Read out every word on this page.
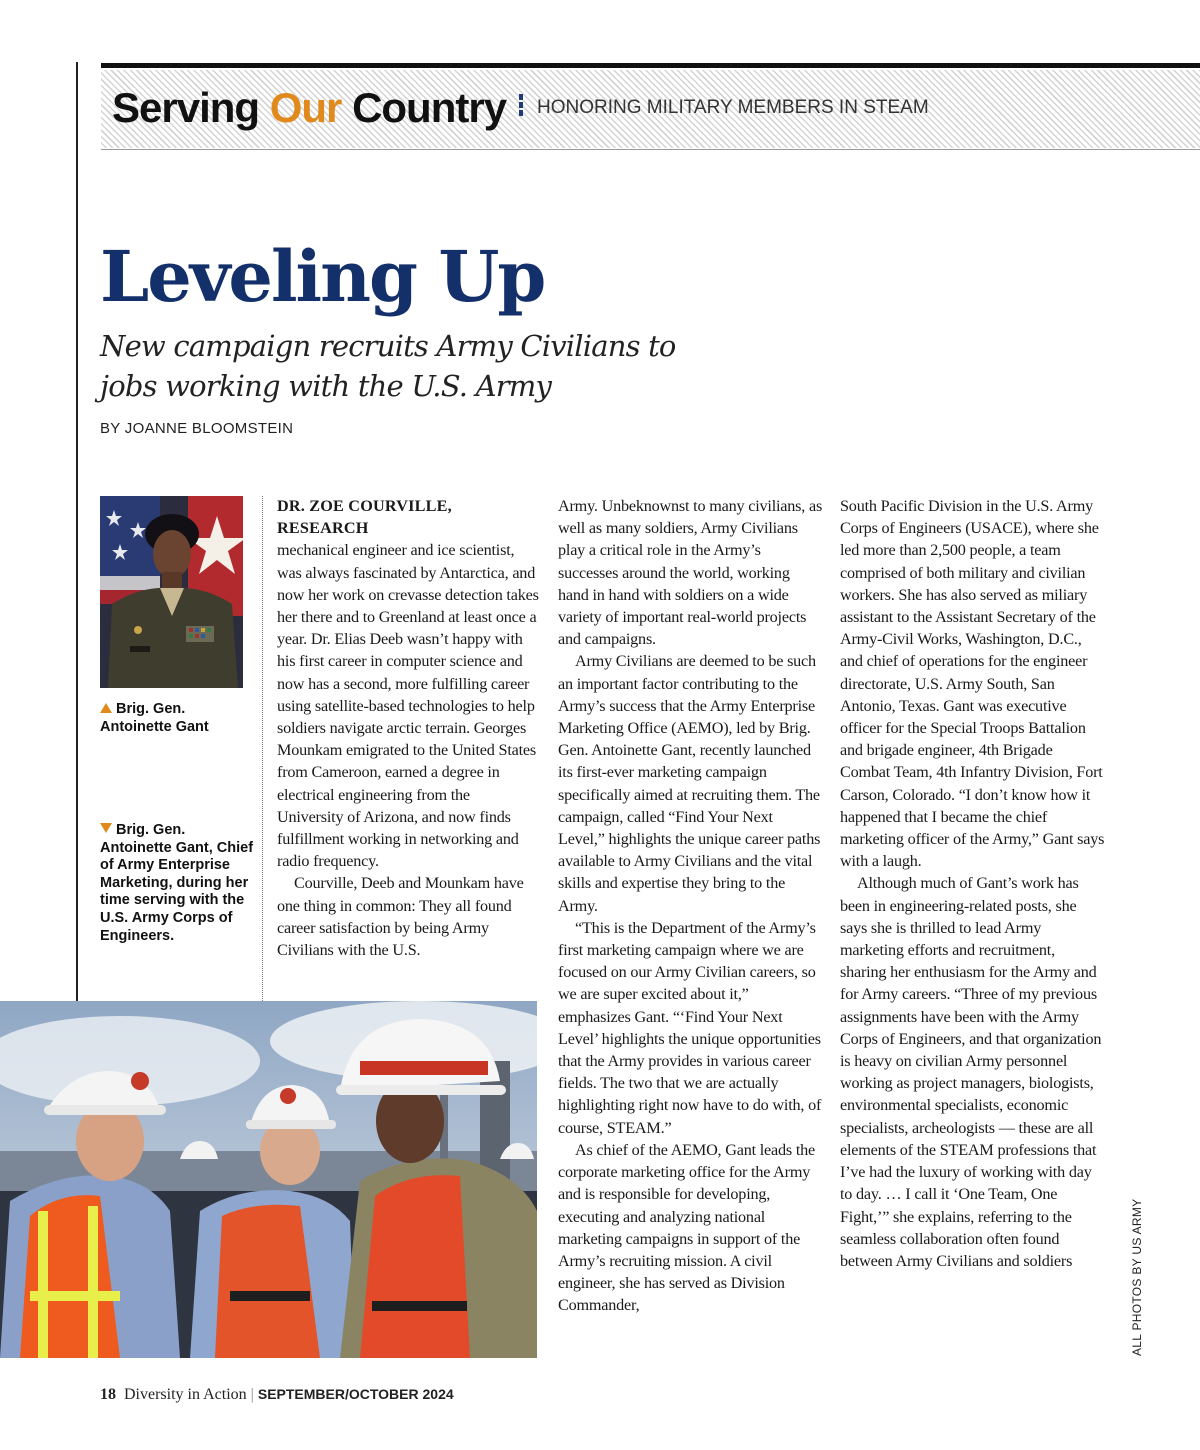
Serving Our Country HONORING MILITARY MEMBERS IN STEAM
Leveling Up
New campaign recruits Army Civilians to jobs working with the U.S. Army
BY JOANNE BLOOMSTEIN
Brig. Gen. Antoinette Gant
Brig. Gen. Antoinette Gant, Chief of Army Enterprise Marketing, during her time serving with the U.S. Army Corps of Engineers.

DR. ZOE COURVILLE, RESEARCH
mechanical engineer and ice scientist, was always fascinated by Antarctica, and now her work on crevasse detection takes her there and to Greenland at least once a year. Dr. Elias Deeb wasn’t happy with his first career in computer science and now has a second, more fulfilling career using satellite-based technologies to help soldiers navigate arctic terrain. Georges Mounkam emigrated to the United States from Cameroon, earned a degree in electrical engineering from the University of Arizona, and now finds fulfillment working in networking and radio frequency.

Courville, Deeb and Mounkam have one thing in common: They all found career satisfaction by being Army Civilians with the U.S.

Army. Unbeknownst to many civilians, as well as many soldiers, Army Civilians play a critical role in the Army’s successes around the world, working hand in hand with soldiers on a wide variety of important real-world projects and campaigns.

Army Civilians are deemed to be such an important factor contributing to the Army’s success that the Army Enterprise Marketing Office (AEMO), led by Brig. Gen. Antoinette Gant, recently launched its first-ever marketing campaign specifically aimed at recruiting them. The campaign, called “Find Your Next Level,” highlights the unique career paths available to Army Civilians and the vital skills and expertise they bring to the Army.

“This is the Department of the Army’s first marketing campaign where we are focused on our Army Civilian careers, so we are super excited about it,” emphasizes Gant. “‘Find Your Next Level’ highlights the unique opportunities that the Army provides in various career fields. The two that we are actually highlighting right now have to do with, of course, STEAM.”

As chief of the AEMO, Gant leads the corporate marketing office for the Army and is responsible for developing, executing and analyzing national marketing campaigns in support of the Army’s recruiting mission. A civil engineer, she has served as Division Commander,

South Pacific Division in the U.S. Army Corps of Engineers (USACE), where she led more than 2,500 people, a team comprised of both military and civilian workers. She has also served as miliary assistant to the Assistant Secretary of the Army-Civil Works, Washington, D.C., and chief of operations for the engineer directorate, U.S. Army South, San Antonio, Texas. Gant was executive officer for the Special Troops Battalion and brigade engineer, 4th Brigade Combat Team, 4th Infantry Division, Fort Carson, Colorado. “I don’t know how it happened that I became the chief marketing officer of the Army,” Gant says with a laugh.

Although much of Gant’s work has been in engineering-related posts, she says she is thrilled to lead Army marketing efforts and recruitment, sharing her enthusiasm for the Army and for Army careers. “Three of my previous assignments have been with the Army Corps of Engineers, and that organization is heavy on civilian Army personnel working as project managers, biologists, environmental specialists, economic specialists, archeologists — these are all elements of the STEAM professions that I’ve had the luxury of working with day to day. … I call it ‘One Team, One Fight,’” she explains, referring to the seamless collaboration often found between Army Civilians and soldiers	ALL PHOTOS BY US ARMY
18 Diversity in Action | SEPTEMBER/OCTOBER 2024
